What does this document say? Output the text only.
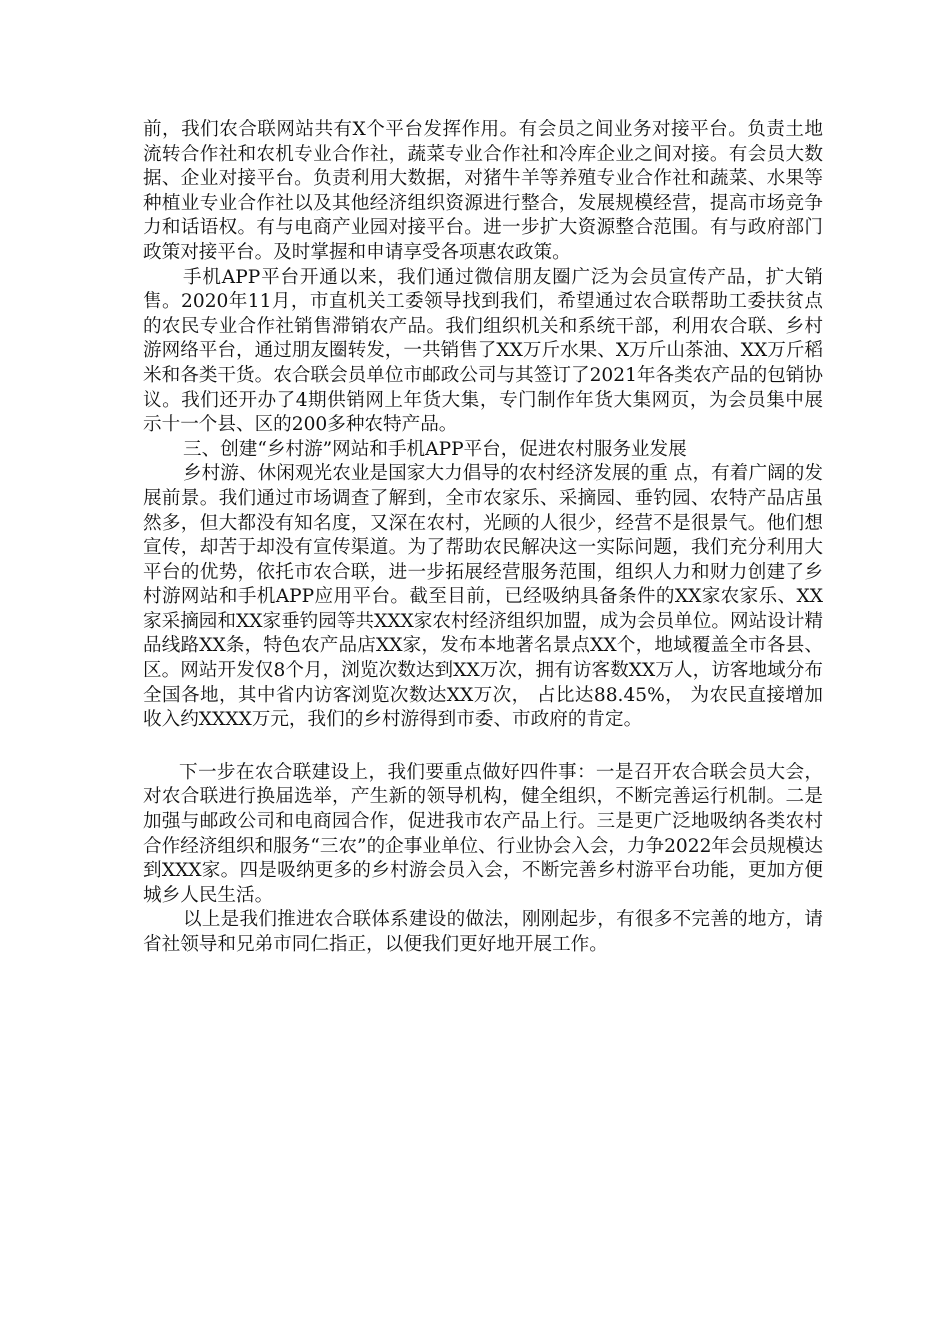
前，我们农合联网站共有X个平台发挥作用。有会员之间业务对接平台。负责土地流转合作社和农机专业合作社，蔬菜专业合作社和冷库企业之间对接。有会员大数据、企业对接平台。负责利用大数据，对猪牛羊等养殖专业合作社和蔬菜、水果等种植业专业合作社以及其他经济组织资源进行整合，发展规模经营，提高市场竞争力和话语权。有与电商产业园对接平台。进一步扩大资源整合范围。有与政府部门政策对接平台。及时掌握和申请享受各项惠农政策。

手机APP平台开通以来，我们通过微信朋友圈广泛为会员宣传产品，扩大销售。2020年11月，市直机关工委领导找到我们，希望通过农合联帮助工委扶贫点的农民专业合作社销售滞销农产品。我们组织机关和系统干部，利用农合联、乡村游网络平台，通过朋友圈转发，一共销售了XX万斤水果、X万斤山茶油、XX万斤稻米和各类干货。农合联会员单位市邮政公司与其签订了2021年各类农产品的包销协议。我们还开办了4期供销网上年货大集，专门制作年货大集网页，为会员集中展示十一个县、区的200多种农特产品。

三、创建“乡村游”网站和手机APP平台，促进农村服务业发展

乡村游、休闲观光农业是国家大力倡导的农村经济发展的重 点，有着广阔的发展前景。我们通过市场调查了解到，全市农家乐、采摘园、垂钓园、农特产品店虽然多，但大都没有知名度，又深在农村，光顾的人很少，经营不是很景气。他们想宣传，却苦于却没有宣传渠道。为了帮助农民解决这一实际问题，我们充分利用大平台的优势，依托市农合联，进一步拓展经营服务范围，组织人力和财力创建了乡村游网站和手机APP应用平台。截至目前，已经吸纳具备条件的XX家农家乐、XX家采摘园和XX家垂钓园等共XXX家农村经济组织加盟，成为会员单位。网站设计精品线路XX条，特色农产品店XX家，发布本地著名景点XX个，地域覆盖全市各县、区。网站开发仅8个月，浏览次数达到XX万次，拥有访客数XX万人，访客地域分布全国各地，其中省内访客浏览次数达XX万次， 占比达88.45%， 为农民直接增加收入约XXXX万元，我们的乡村游得到市委、市政府的肯定。

下一步在农合联建设上，我们要重点做好四件事：一是召开农合联会员大会，对农合联进行换届选举，产生新的领导机构，健全组织，不断完善运行机制。二是加强与邮政公司和电商园合作，促进我市农产品上行。三是更广泛地吸纳各类农村合作经济组织和服务“三农”的企事业单位、行业协会入会，力争2022年会员规模达到XXX家。四是吸纳更多的乡村游会员入会，不断完善乡村游平台功能，更加方便城乡人民生活。

以上是我们推进农合联体系建设的做法，刚刚起步，有很多不完善的地方，请省社领导和兄弟市同仁指正，以便我们更好地开展工作。
